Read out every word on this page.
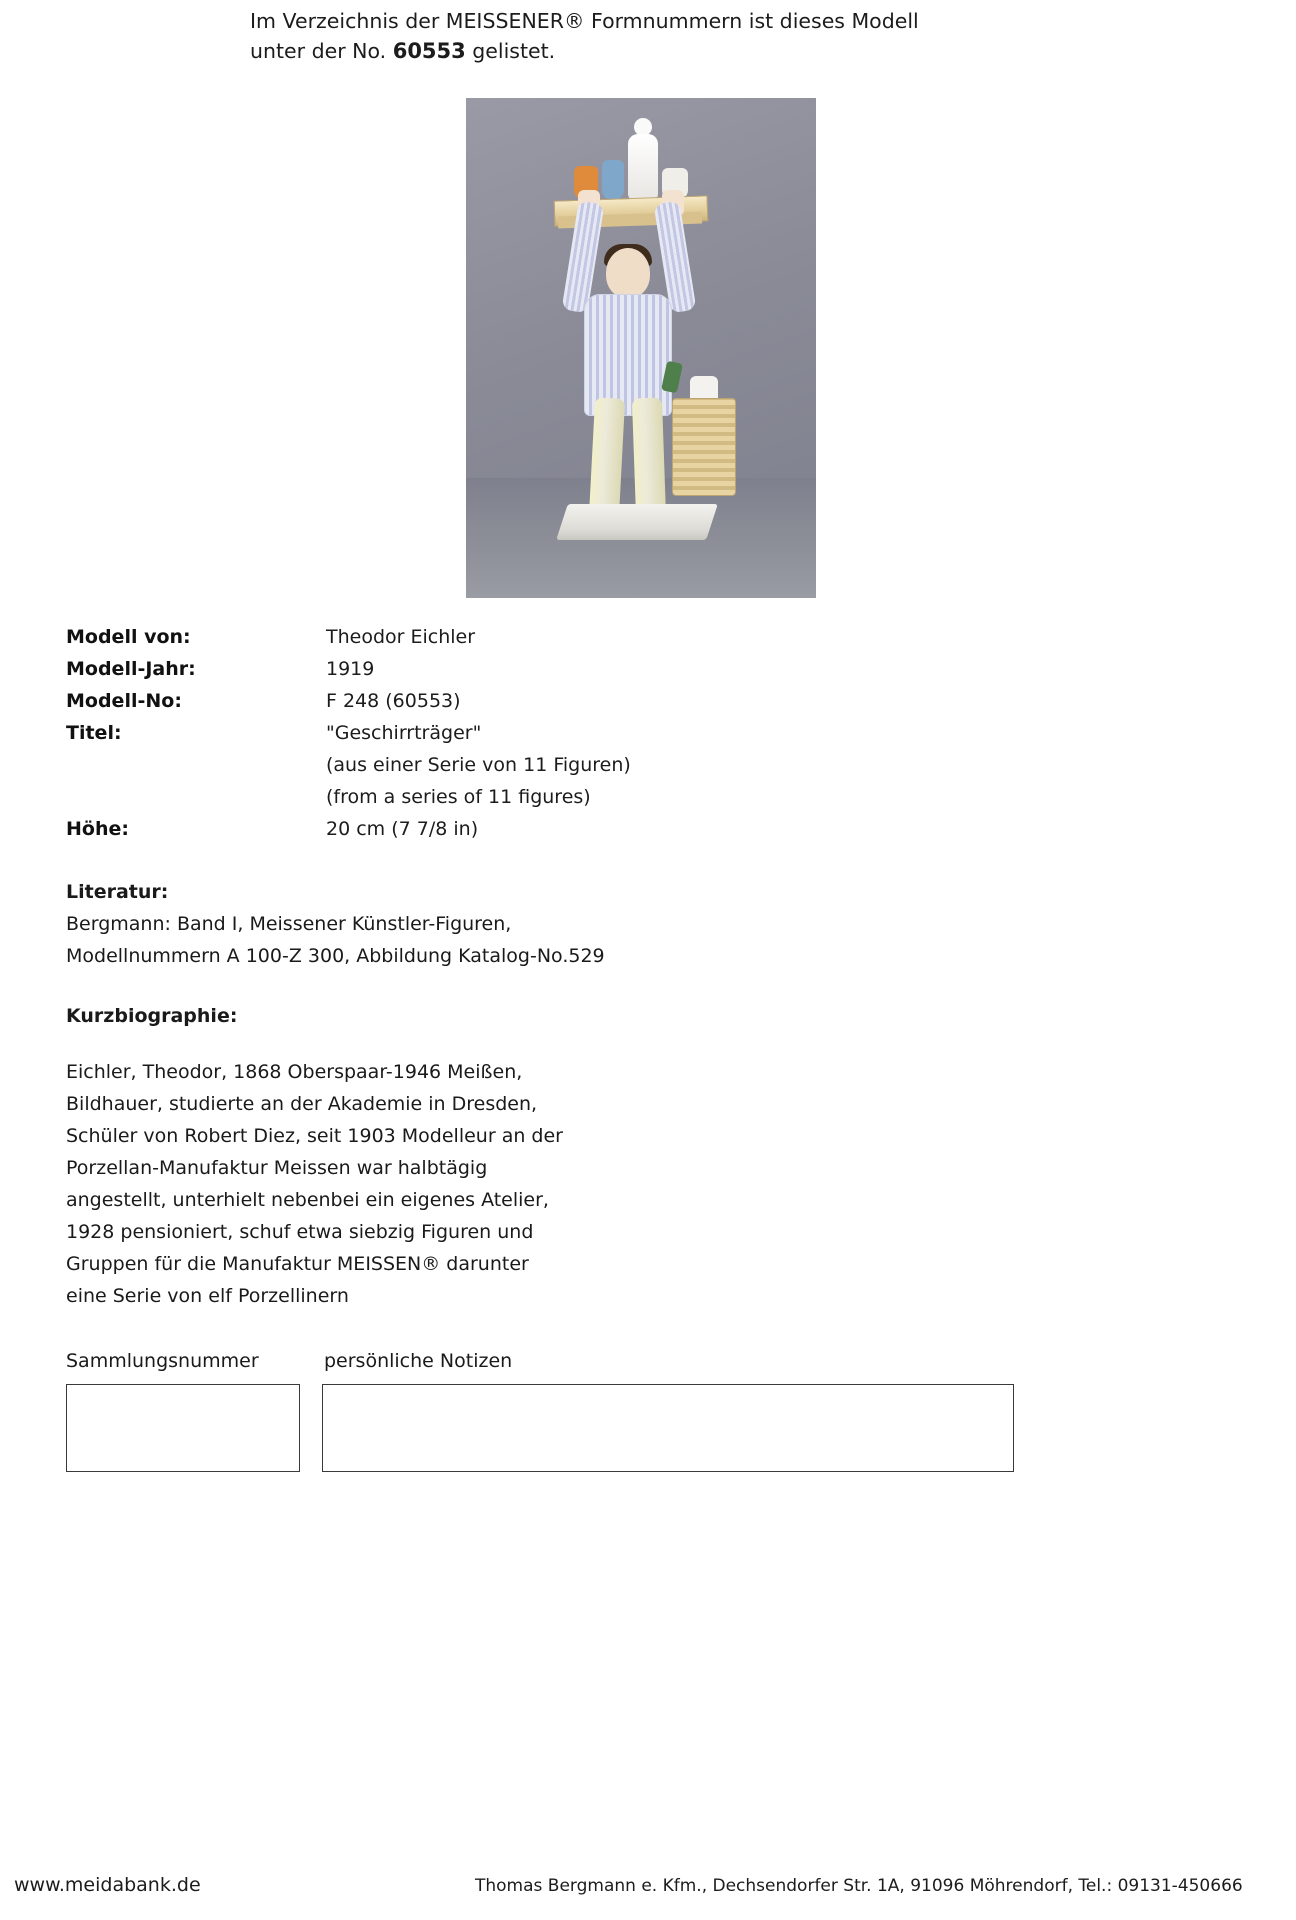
Im Verzeichnis der MEISSENER® Formnummern ist dieses Modell
unter der No. 60553 gelistet.
Modell von:	Theodor Eichler
Modell-Jahr:	1919
Modell-No:	F 248 (60553)
Titel:	"Geschirrträger"
(aus einer Serie von 11 Figuren)
(from a series of 11 figures)
Höhe:	20 cm (7 7/8 in)
Literatur:
Bergmann: Band I, Meissener Künstler-Figuren,
Modellnummern A 100-Z 300, Abbildung Katalog-No.529
Kurzbiographie:
Eichler, Theodor, 1868 Oberspaar-1946 Meißen,
Bildhauer, studierte an der Akademie in Dresden,
Schüler von Robert Diez, seit 1903 Modelleur an der
Porzellan-Manufaktur Meissen war halbtägig
angestellt, unterhielt nebenbei ein eigenes Atelier,
1928 pensioniert, schuf etwa siebzig Figuren und
Gruppen für die Manufaktur MEISSEN® darunter
eine Serie von elf Porzellinern
Sammlungsnummer	persönliche Notizen
www.meidabank.de	Thomas Bergmann e. Kfm., Dechsendorfer Str. 1A, 91096 Möhrendorf, Tel.: 09131-450666
